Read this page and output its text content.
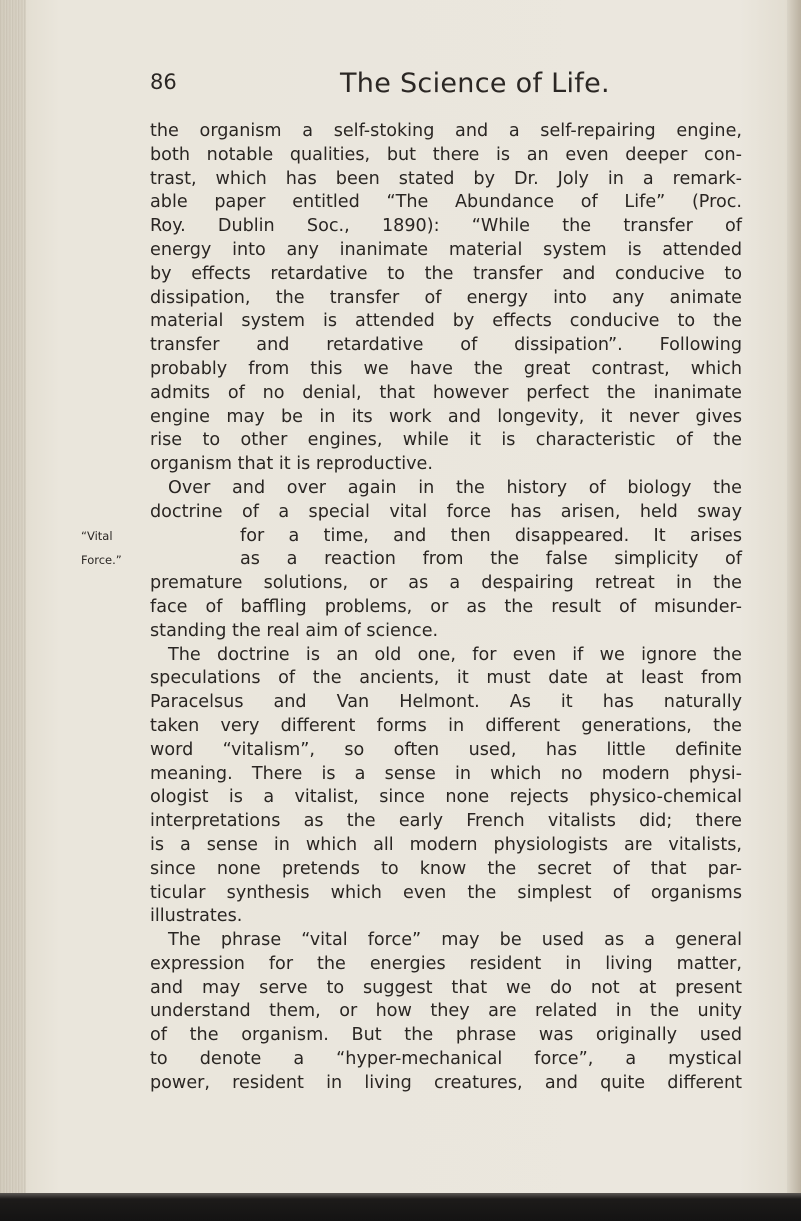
86	The Science of Life.
“Vital
Force.”
the organism a self-stoking and a self-repairing engine,
both notable qualities, but there is an even deeper con-
trast, which has been stated by Dr. Joly in a remark-
able paper entitled “The Abundance of Life” (Proc.
Roy. Dublin Soc., 1890): “While the transfer of
energy into any inanimate material system is attended
by effects retardative to the transfer and conducive to
dissipation, the transfer of energy into any animate
material system is attended by effects conducive to the
transfer and retardative of dissipation”. Following
probably from this we have the great contrast, which
admits of no denial, that however perfect the inanimate
engine may be in its work and longevity, it never gives
rise to other engines, while it is characteristic of the
organism that it is reproductive.
Over and over again in the history of biology the
doctrine of a special vital force has arisen, held sway
for a time, and then disappeared. It arises
as a reaction from the false simplicity of
premature solutions, or as a despairing retreat in the
face of baffling problems, or as the result of misunder-
standing the real aim of science.
The doctrine is an old one, for even if we ignore the
speculations of the ancients, it must date at least from
Paracelsus and Van Helmont. As it has naturally
taken very different forms in different generations, the
word “vitalism”, so often used, has little definite
meaning. There is a sense in which no modern physi-
ologist is a vitalist, since none rejects physico-chemical
interpretations as the early French vitalists did; there
is a sense in which all modern physiologists are vitalists,
since none pretends to know the secret of that par-
ticular synthesis which even the simplest of organisms
illustrates.
The phrase “vital force” may be used as a general
expression for the energies resident in living matter,
and may serve to suggest that we do not at present
understand them, or how they are related in the unity
of the organism. But the phrase was originally used
to denote a “hyper-mechanical force”, a mystical
power, resident in living creatures, and quite different
